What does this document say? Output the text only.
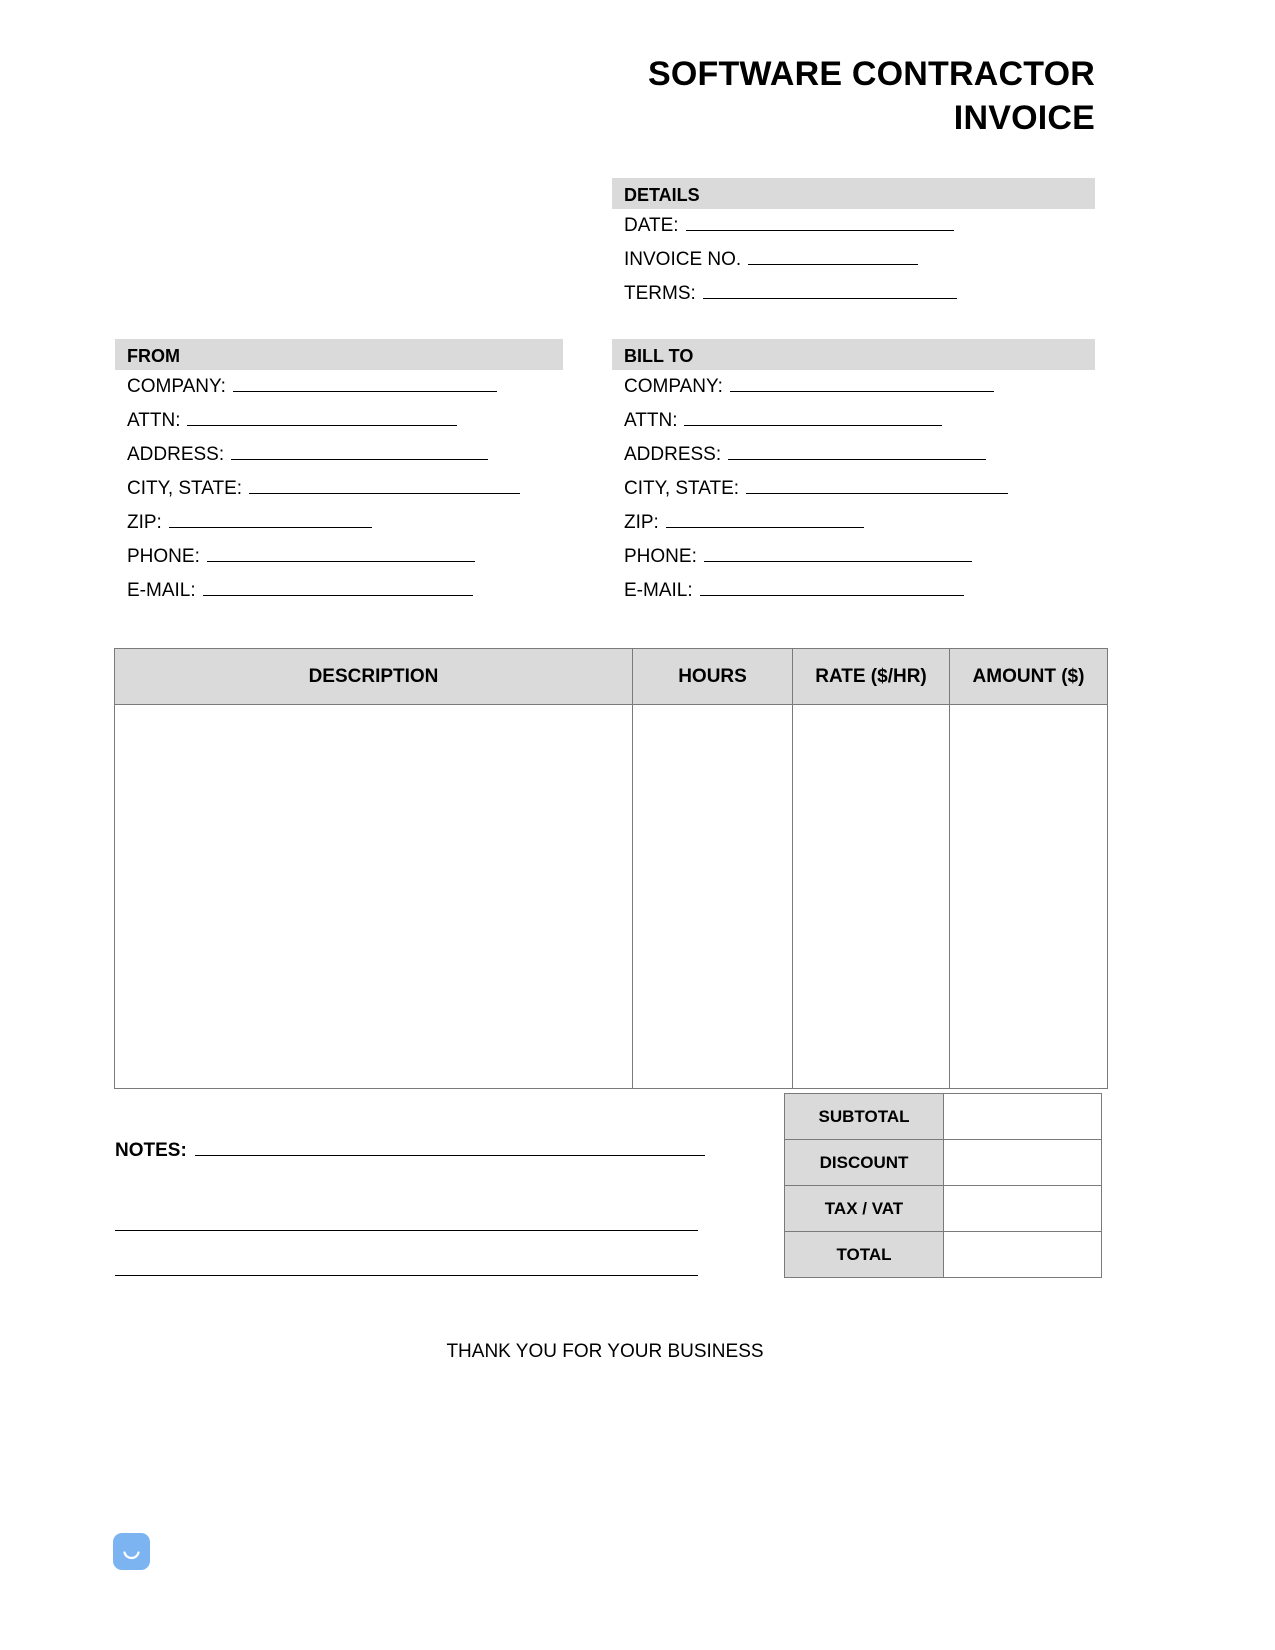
SOFTWARE CONTRACTOR
INVOICE
DETAILS
DATE:
INVOICE NO.
TERMS:
FROM
COMPANY:
ATTN:
ADDRESS:
CITY, STATE:
ZIP:
PHONE:
E-MAIL:
BILL TO
COMPANY:
ATTN:
ADDRESS:
CITY, STATE:
ZIP:
PHONE:
E-MAIL:
DESCRIPTION	HOURS	RATE ($/HR)	AMOUNT ($)

SUBTOTAL	
DISCOUNT	
TAX / VAT	
TOTAL	
NOTES:
THANK YOU FOR YOUR BUSINESS
